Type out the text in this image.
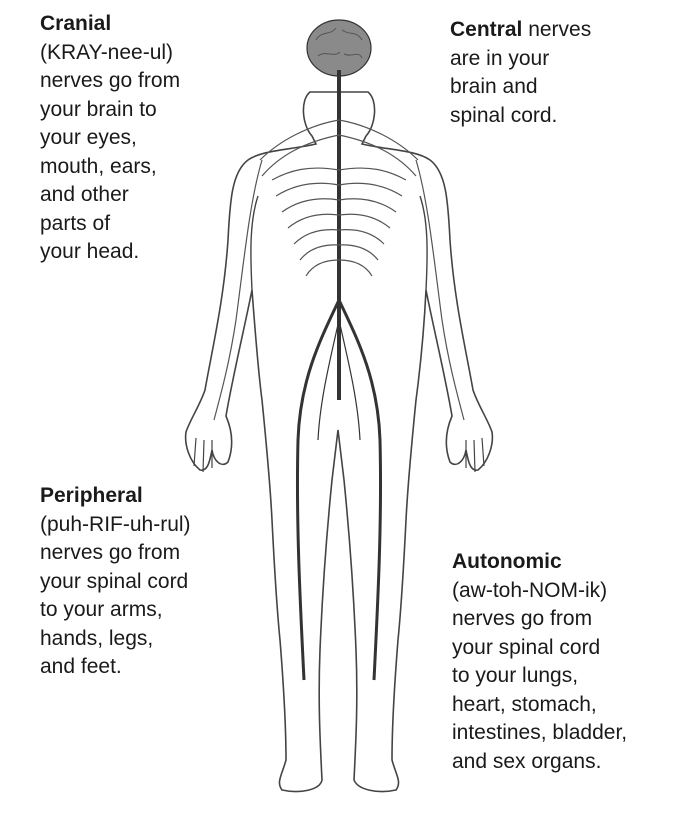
Cranial
(KRAY-nee-ul)
nerves go from
your brain to
your eyes,
mouth, ears,
and other
parts of
your head.
Central nerves
are in your
brain and
spinal cord.
Peripheral
(puh-RIF-uh-rul)
nerves go from
your spinal cord
to your arms,
hands, legs,
and feet.
Autonomic
(aw-toh-NOM-ik)
nerves go from
your spinal cord
to your lungs,
heart, stomach,
intestines, bladder,
and sex organs.
